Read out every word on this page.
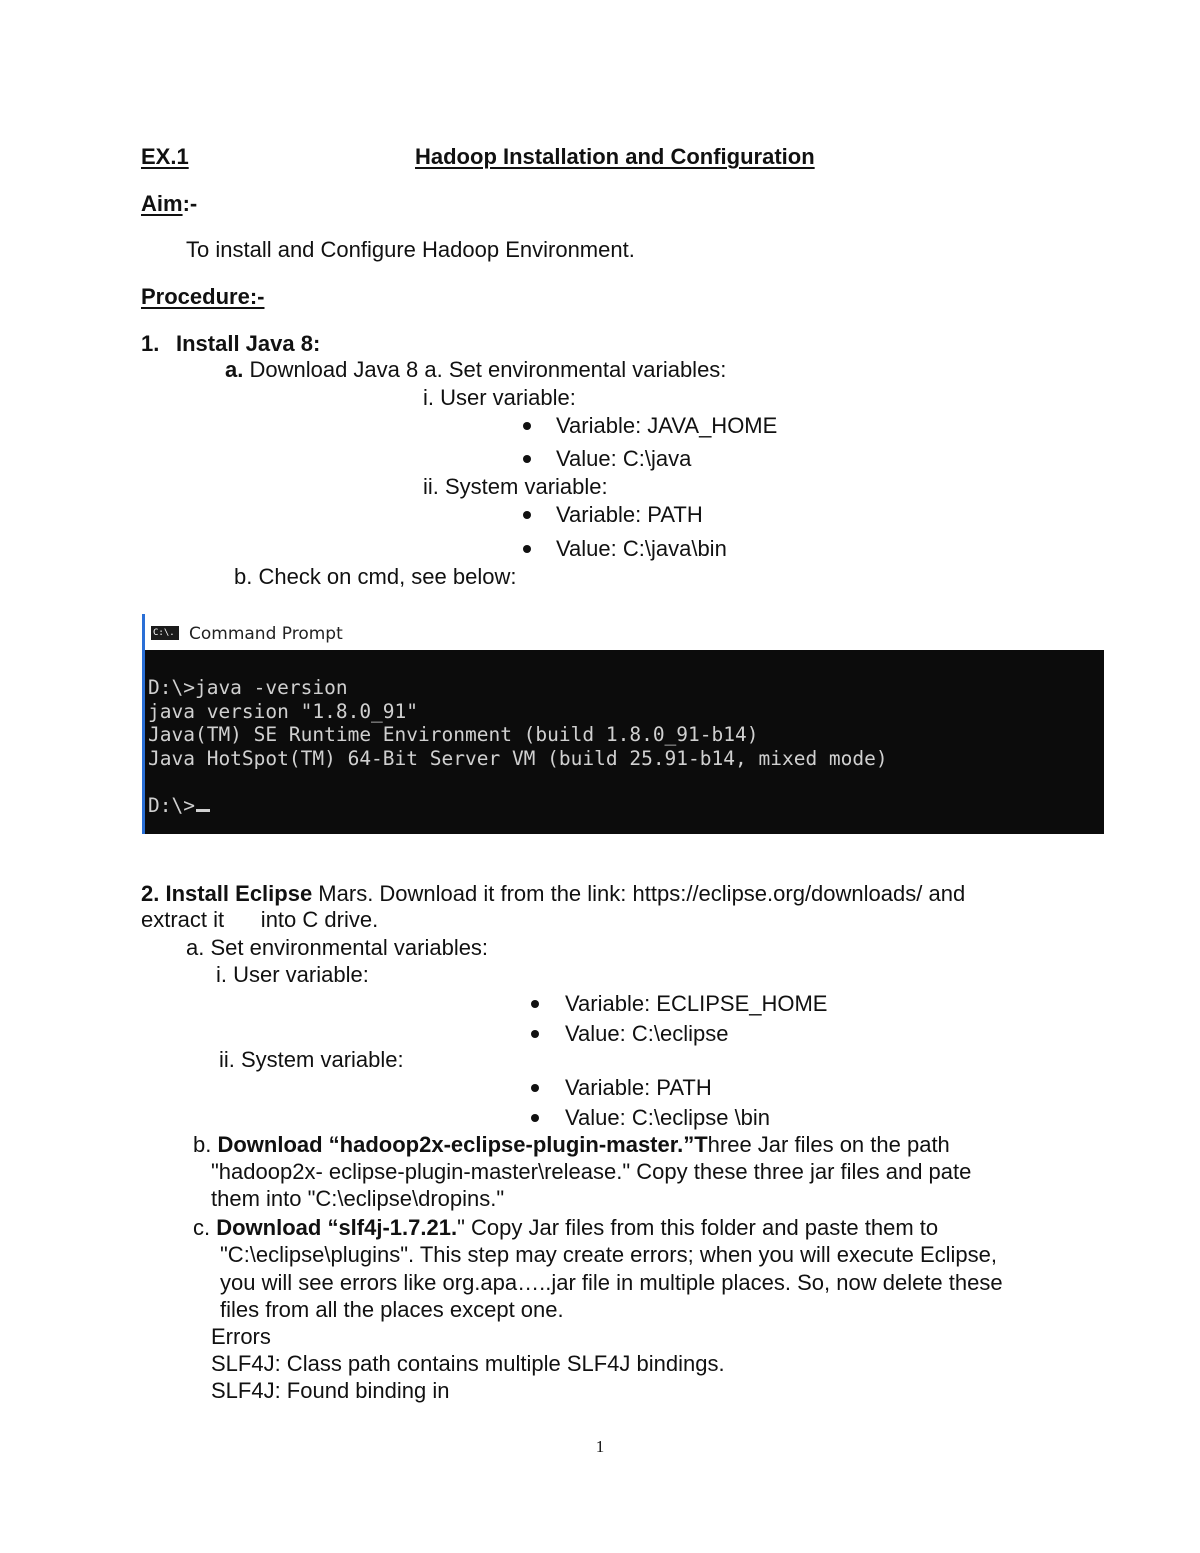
EX.1	Hadoop Installation and Configuration
Aim:-
To install and Configure Hadoop Environment.
Procedure:-
1. Install Java 8:
a. Download Java 8 a. Set environmental variables:
i. User variable:
Variable: JAVA_HOME
Value: C:\java
ii. System variable:
Variable: PATH
Value: C:\java\bin
b. Check on cmd, see below:
C:\. Command Prompt
D:\>java -version
java version "1.8.0_91"
Java(TM) SE Runtime Environment (build 1.8.0_91-b14)
Java HotSpot(TM) 64-Bit Server VM (build 25.91-b14, mixed mode)
D:\>
2. Install Eclipse Mars. Download it from the link: https://eclipse.org/downloads/ and
extract it      into C drive.
a. Set environmental variables:
i. User variable:
Variable: ECLIPSE_HOME
Value: C:\eclipse
ii. System variable:
Variable: PATH
Value: C:\eclipse \bin
b. Download “hadoop2x-eclipse-plugin-master.”Three Jar files on the path
"hadoop2x- eclipse-plugin-master\release." Copy these three jar files and pate
them into "C:\eclipse\dropins."
c. Download “slf4j-1.7.21." Copy Jar files from this folder and paste them to
"C:\eclipse\plugins". This step may create errors; when you will execute Eclipse,
you will see errors like org.apa…..jar file in multiple places. So, now delete these
files from all the places except one.
Errors
SLF4J: Class path contains multiple SLF4J bindings.
SLF4J: Found binding in
1
